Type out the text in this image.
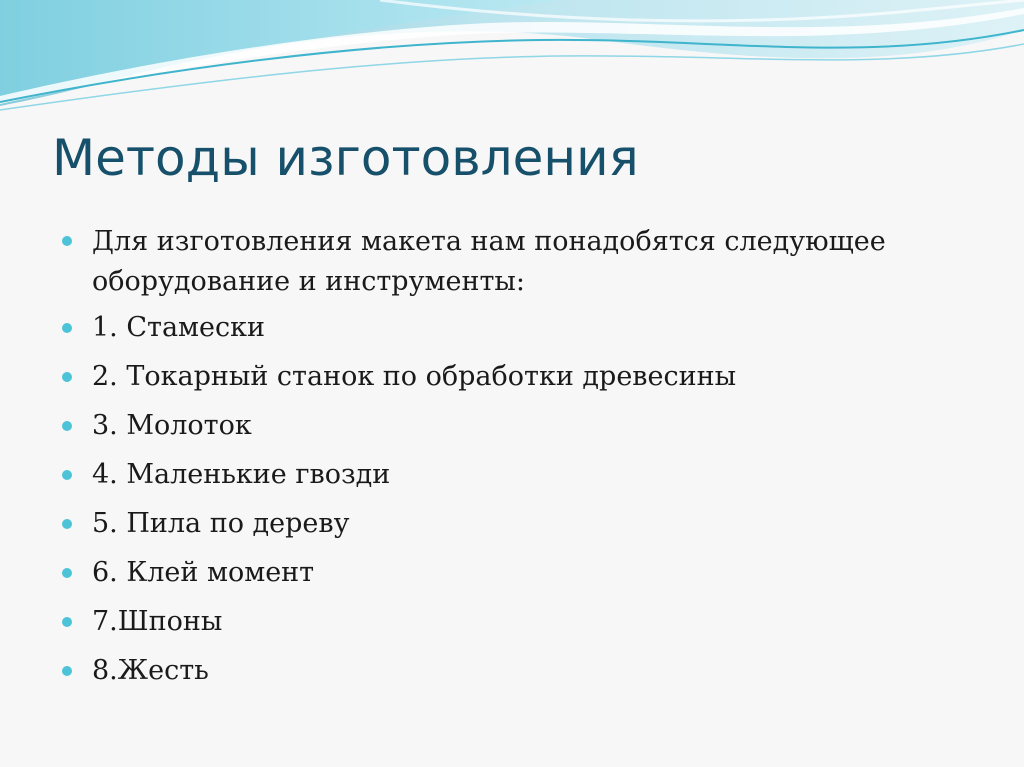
Методы изготовления
Для изготовления макета нам понадобятся следующее оборудование и инструменты:
1. Стамески
2. Токарный станок по обработки древесины
3. Молоток
4. Маленькие гвозди
5. Пила по дереву
6. Клей момент
7.Шпоны
8.Жесть
